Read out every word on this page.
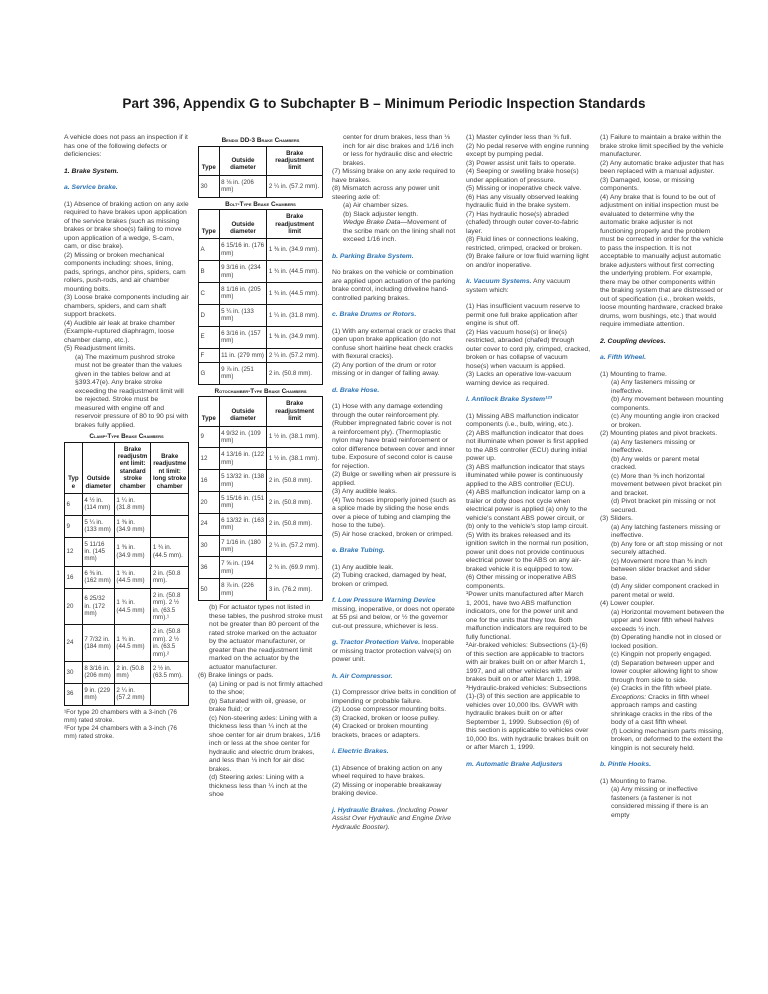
Part 396, Appendix G to Subchapter B – Minimum Periodic Inspection Standards

A vehicle does not pass an inspection if it has one of the following defects or deficiencies:

1. Brake System.

a. Service brake.

(1) Absence of braking action on any axle required to have brakes upon application of the service brakes (such as missing brakes or brake shoe(s) failing to move upon application of a wedge, S-cam, cam, or disc brake).

(2) Missing or broken mechanical components including: shoes, lining, pads, springs, anchor pins, spiders, cam rollers, push-rods, and air chamber mounting bolts.

(3) Loose brake components including air chambers, spiders, and cam shaft support brackets.

(4) Audible air leak at brake chamber (Example-ruptured diaphragm, loose chamber clamp, etc.).

(5) Readjustment limits.

(a) The maximum pushrod stroke must not be greater than the values given in the tables below and at §393.47(e). Any brake stroke exceeding the readjustment limit will be rejected. Stroke must be measured with engine off and reservoir pressure of 80 to 90 psi with brakes fully applied.

Clamp-Type Brake Chambers
Type	Outside diameter	Brake readjustment limit: standard stroke chamber	Brake readjustment limit: long stroke chamber
6	4 ½ in. (114 mm)	1 ¼ in. (31.8 mm)	
9	5 ¼ in. (133 mm)	1 ⅜ in. (34.9 mm)	
12	5 11/16 in. (145 mm)	1 ⅜ in. (34.9 mm)	1 ¾ in. (44.5 mm).
16	6 ⅜ in. (162 mm)	1 ¾ in. (44.5 mm)	2 in. (50.8 mm).
20	6 25/32 in. (172 mm)	1 ¾ in. (44.5 mm)	2 in. (50.8 mm). 2 ½ in. (63.5 mm).¹
24	7 7/32 in. (184 mm)	1 ¾ in. (44.5 mm)	2 in. (50.8 mm). 2 ½ in. (63.5 mm).²
30	8 3/16 in. (206 mm)	2 in. (50.8 mm)	2 ½ in. (63.5 mm).
36	9 in. (229 mm)	2 ¼ in. (57.2 mm)	

¹For type 20 chambers with a 3-inch (76 mm) rated stroke.

²For type 24 chambers with a 3-inch (76 mm) rated stroke.

Bendix DD-3 Brake Chambers
Type	Outside diameter	Brake readjustment limit
30	8 ⅛ in. (206 mm)	2 ¼ in. (57.2 mm).
Bolt-Type Brake Chambers
Type	Outside diameter	Brake readjustment limit
A	6 15/16 in. (176 mm)	1 ⅜ in. (34.9 mm).
B	9 3/16 in. (234 mm)	1 ¾ in. (44.5 mm).
C	8 1/16 in. (205 mm)	1 ¾ in. (44.5 mm).
D	5 ¼ in. (133 mm)	1 ¼ in. (31.8 mm).
E	6 3/16 in. (157 mm)	1 ⅜ in. (34.9 mm).
F	11 in. (279 mm)	2 ¼ in. (57.2 mm).
G	9 ⅞ in. (251 mm)	2 in. (50.8 mm).
Rotochamber-Type Brake Chambers
Type	Outside diameter	Brake readjustment limit
9	4 9/32 in. (109 mm)	1 ½ in. (38.1 mm).
12	4 13/16 in. (122 mm)	1 ½ in. (38.1 mm).
16	5 13/32 in. (138 mm)	2 in. (50.8 mm).
20	5 15/16 in. (151 mm)	2 in. (50.8 mm).
24	6 13/32 in. (163 mm)	2 in. (50.8 mm).
30	7 1/16 in. (180 mm)	2 ¼ in. (57.2 mm).
36	7 ⅝ in. (194 mm)	2 ¾ in. (69.9 mm).
50	8 ⅞ in. (226 mm)	3 in. (76.2 mm).

(b) For actuator types not listed in these tables, the pushrod stroke must not be greater than 80 percent of the rated stroke marked on the actuator by the actuator manufacturer, or greater than the readjustment limit marked on the actuator by the actuator manufacturer.

(6) Brake linings or pads.

(a) Lining or pad is not firmly attached to the shoe;

(b) Saturated with oil, grease, or brake fluid; or

(c) Non-steering axles: Lining with a thickness less than ¼ inch at the shoe center for air drum brakes, 1/16 inch or less at the shoe center for hydraulic and electric drum brakes, and less than ⅛ inch for air disc brakes.

(d) Steering axles: Lining with a thickness less than ¼ inch at the shoe

center for drum brakes, less than ⅛ inch for air disc brakes and 1/16 inch or less for hydraulic disc and electric brakes.

(7) Missing brake on any axle required to have brakes.

(8) Mismatch across any power unit steering axle of:

(a) Air chamber sizes.

(b) Slack adjuster length.

Wedge Brake Data—Movement of the scribe mark on the lining shall not exceed 1/16 inch.

b. Parking Brake System.

No brakes on the vehicle or combination are applied upon actuation of the parking brake control, including driveline hand-controlled parking brakes.

c. Brake Drums or Rotors.

(1) With any external crack or cracks that open upon brake application (do not confuse short hairline heat check cracks with flexural cracks).

(2) Any portion of the drum or rotor missing or in danger of falling away.

d. Brake Hose.

(1) Hose with any damage extending through the outer reinforcement ply. (Rubber impregnated fabric cover is not a reinforcement ply). (Thermoplastic nylon may have braid reinforcement or color difference between cover and inner tube. Exposure of second color is cause for rejection.

(2) Bulge or swelling when air pressure is applied.

(3) Any audible leaks.

(4) Two hoses improperly joined (such as a splice made by sliding the hose ends over a piece of tubing and clamping the hose to the tube).

(5) Air hose cracked, broken or crimped.

e. Brake Tubing.

(1) Any audible leak.

(2) Tubing cracked, damaged by heat, broken or crimped.

f. Low Pressure Warning Device missing, inoperative, or does not operate at 55 psi and below, or ½ the governor cut-out pressure, whichever is less.

g. Tractor Protection Valve. Inoperable or missing tractor protection valve(s) on power unit.

h. Air Compressor.

(1) Compressor drive belts in condition of impending or probable failure.

(2) Loose compressor mounting bolts.

(3) Cracked, broken or loose pulley.

(4) Cracked or broken mounting brackets, braces or adapters.

i. Electric Brakes.

(1) Absence of braking action on any wheel required to have brakes.

(2) Missing or inoperable breakaway braking device.

j. Hydraulic Brakes. (Including Power Assist Over Hydraulic and Engine Drive Hydraulic Booster).

(1) Master cylinder less than ¾ full.

(2) No pedal reserve with engine running except by pumping pedal.

(3) Power assist unit fails to operate.

(4) Seeping or swelling brake hose(s) under application of pressure.

(5) Missing or inoperative check valve.

(6) Has any visually observed leaking hydraulic fluid in the brake system.

(7) Has hydraulic hose(s) abraded (chafed) through outer cover-to-fabric layer.

(8) Fluid lines or connections leaking, restricted, crimped, cracked or broken.

(9) Brake failure or low fluid warning light on and/or inoperative.

k. Vacuum Systems. Any vacuum system which:

(1) Has insufficient vacuum reserve to permit one full brake application after engine is shut off.

(2) Has vacuum hose(s) or line(s) restricted, abraded (chafed) through outer cover to cord ply, crimped, cracked, broken or has collapse of vacuum hose(s) when vacuum is applied.

(3) Lacks an operative low-vacuum warning device as required.

l. Antilock Brake System¹²³

(1) Missing ABS malfunction indicator components (i.e., bulb, wiring, etc.).

(2) ABS malfunction indicator that does not illuminate when power is first applied to the ABS controller (ECU) during initial power up.

(3) ABS malfunction indicator that stays illuminated while power is continuously applied to the ABS controller (ECU).

(4) ABS malfunction indicator lamp on a trailer or dolly does not cycle when electrical power is applied (a) only to the vehicle's constant ABS power circuit, or (b) only to the vehicle's stop lamp circuit.

(5) With its brakes released and its ignition switch in the normal run position, power unit does not provide continuous electrical power to the ABS on any air-braked vehicle it is equipped to tow.

(6) Other missing or inoperative ABS components.

¹Power units manufactured after March 1, 2001, have two ABS malfunction indicators, one for the power unit and one for the units that they tow. Both malfunction indicators are required to be fully functional.

²Air-braked vehicles: Subsections (1)-(6) of this section are applicable to tractors with air brakes built on or after March 1, 1997, and all other vehicles with air brakes built on or after March 1, 1998.

³Hydraulic-braked vehicles: Subsections (1)-(3) of this section are applicable to vehicles over 10,000 lbs. GVWR with hydraulic brakes built on or after September 1, 1999. Subsection (6) of this section is applicable to vehicles over 10,000 lbs. with hydraulic brakes built on or after March 1, 1999.

m. Automatic Brake Adjusters

(1) Failure to maintain a brake within the brake stroke limit specified by the vehicle manufacturer.

(2) Any automatic brake adjuster that has been replaced with a manual adjuster.

(3) Damaged, loose, or missing components.

(4) Any brake that is found to be out of adjustment on initial inspection must be evaluated to determine why the automatic brake adjuster is not functioning properly and the problem must be corrected in order for the vehicle to pass the inspection. It is not acceptable to manually adjust automatic brake adjusters without first correcting the underlying problem. For example, there may be other components within the braking system that are distressed or out of specification (i.e., broken welds, loose mounting hardware, cracked brake drums, worn bushings, etc.) that would require immediate attention.

2. Coupling devices.

a. Fifth Wheel.

(1) Mounting to frame.

(a) Any fasteners missing or ineffective.

(b) Any movement between mounting components.

(c) Any mounting angle iron cracked or broken.

(2) Mounting plates and pivot brackets.

(a) Any fasteners missing or ineffective.

(b) Any welds or parent metal cracked.

(c) More than ⅜ inch horizontal movement between pivot bracket pin and bracket.

(d) Pivot bracket pin missing or not secured.

(3) Sliders.

(a) Any latching fasteners missing or ineffective.

(b) Any fore or aft stop missing or not securely attached.

(c) Movement more than ⅜ inch between slider bracket and slider base.

(d) Any slider component cracked in parent metal or weld.

(4) Lower coupler.

(a) Horizontal movement between the upper and lower fifth wheel halves exceeds ½ inch.

(b) Operating handle not in closed or locked position.

(c) Kingpin not properly engaged.

(d) Separation between upper and lower coupler allowing light to show through from side to side.

(e) Cracks in the fifth wheel plate.

Exceptions: Cracks in fifth wheel approach ramps and casting shrinkage cracks in the ribs of the body of a cast fifth wheel.

(f) Locking mechanism parts missing, broken, or deformed to the extent the kingpin is not securely held.

b. Pintle Hooks.

(1) Mounting to frame.

(a) Any missing or ineffective fasteners (a fastener is not considered missing if there is an empty
